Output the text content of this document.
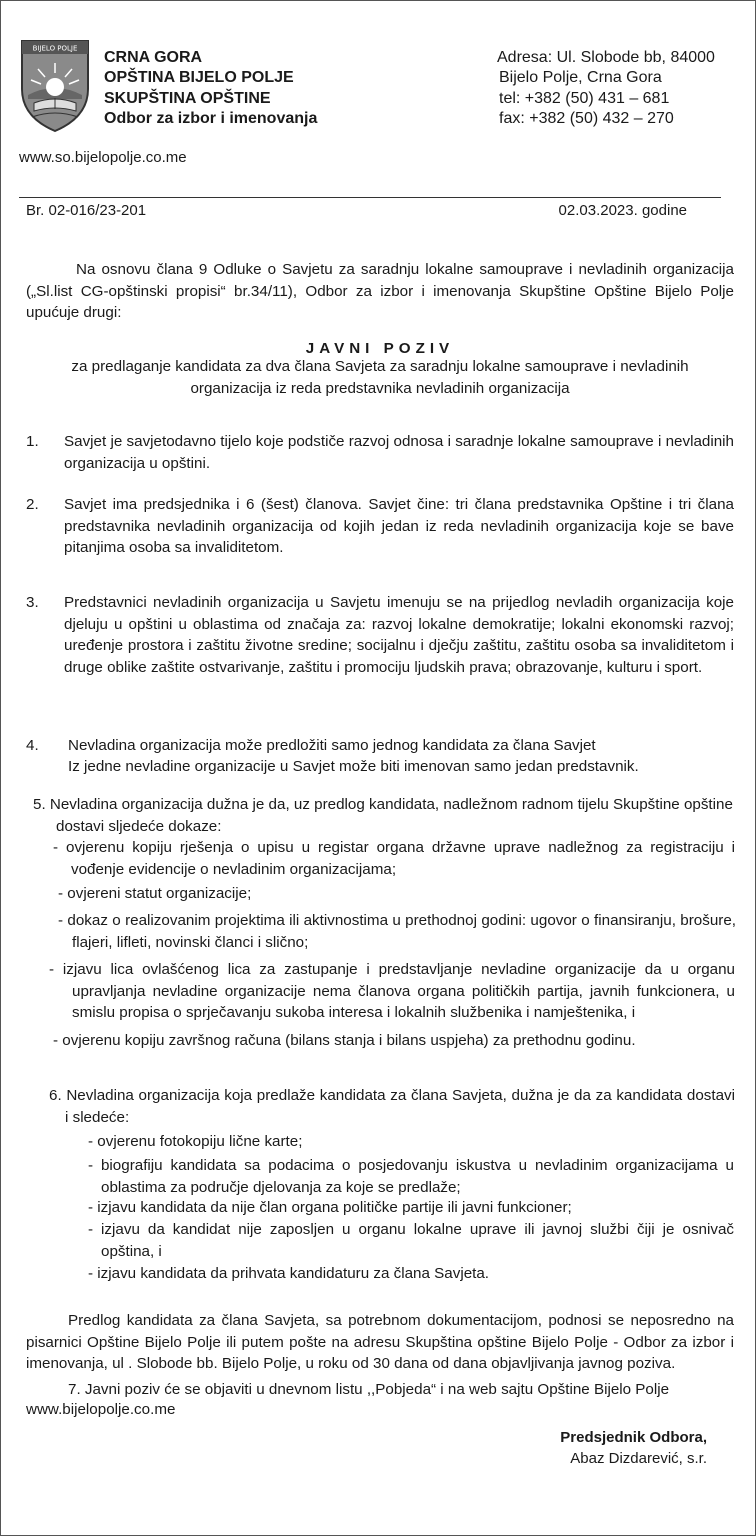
BIJELO POLJE
CRNA GORA
OPŠTINA BIJELO POLJE
SKUPŠTINA OPŠTINE
Odbor za izbor i imenovanja
Adresa: Ul. Slobode bb, 84000
Bijelo Polje, Crna Gora
tel: +382 (50) 431 – 681
fax: +382 (50) 432 – 270
www.so.bijelopolje.co.me
Br. 02-016/23-201	02.03.2023. godine
Na osnovu člana 9 Odluke o Savjetu za saradnju lokalne samouprave i nevladinih organizacija („Sl.list CG-opštinski propisi“ br.34/11), Odbor za izbor i imenovanja Skupštine Opštine Bijelo Polje upućuje drugi:
JAVNI POZIV
za predlaganje kandidata za dva člana Savjeta za saradnju lokalne samouprave i nevladinih organizacija iz reda predstavnika nevladinih organizacija
1. Savjet je savjetodavno tijelo koje podstiče razvoj odnosa i saradnje lokalne samouprave i nevladinih organizacija u opštini.
2. Savjet ima predsjednika i 6 (šest) članova. Savjet čine: tri člana predstavnika Opštine i tri člana predstavnika nevladinih organizacija od kojih jedan iz reda nevladinih organizacija koje se bave pitanjima osoba sa invaliditetom.
3. Predstavnici nevladinih organizacija u Savjetu imenuju se na prijedlog nevladih organizacija koje djeluju u opštini u oblastima od značaja za: razvoj lokalne demokratije; lokalni ekonomski razvoj; uređenje prostora i zaštitu životne sredine; socijalnu i dječju zaštitu, zaštitu osoba sa invaliditetom i druge oblike zaštite ostvarivanje, zaštitu i promociju ljudskih prava; obrazovanje, kulturu i sport.
4. Nevladina organizacija može predložiti samo jednog kandidata za člana Savjet
Iz jedne nevladine organizacije u Savjet može biti imenovan samo jedan predstavnik.
5. Nevladina organizacija dužna je da, uz predlog kandidata, nadležnom radnom tijelu Skupštine opštine dostavi sljedeće dokaze:
- ovjerenu kopiju rješenja o upisu u registar organa državne uprave nadležnog za registraciju i vođenje evidencije o nevladinim organizacijama;
- ovjereni statut organizacije;
- dokaz o realizovanim projektima ili aktivnostima u prethodnoj godini: ugovor o finansiranju, brošure, flajeri, lifleti, novinski članci i slično;
- izjavu lica ovlašćenog lica za zastupanje i predstavljanje nevladine organizacije da u organu upravljanja nevladine organizacije nema članova organa političkih partija, javnih funkcionera, u smislu propisa o sprječavanju sukoba interesa i lokalnih službenika i namještenika, i
- ovjerenu kopiju završnog računa (bilans stanja i bilans uspjeha) za prethodnu godinu.
6. Nevladina organizacija koja predlaže kandidata za člana Savjeta, dužna je da za kandidata dostavi i sledeće:
- ovjerenu fotokopiju lične karte;
- biografiju kandidata sa podacima o posjedovanju iskustva u nevladinim organizacijama u oblastima za područje djelovanja za koje se predlaže;
- izjavu kandidata da nije član organa političke partije ili javni funkcioner;
- izjavu da kandidat nije zaposljen u organu lokalne uprave ili javnoj službi čiji je osnivač opština, i
- izjavu kandidata da prihvata kandidaturu za člana Savjeta.
Predlog kandidata za člana Savjeta, sa potrebnom dokumentacijom, podnosi se neposredno na pisarnici Opštine Bijelo Polje ili putem pošte na adresu Skupština opštine Bijelo Polje - Odbor za izbor i imenovanja, ul . Slobode bb. Bijelo Polje, u roku od 30 dana od dana objavljivanja javnog poziva.
7. Javni poziv će se objaviti u dnevnom listu ,,Pobjeda“ i na web sajtu Opštine Bijelo Polje
www.bijelopolje.co.me
Predsjednik Odbora,
Abaz Dizdarević, s.r.
